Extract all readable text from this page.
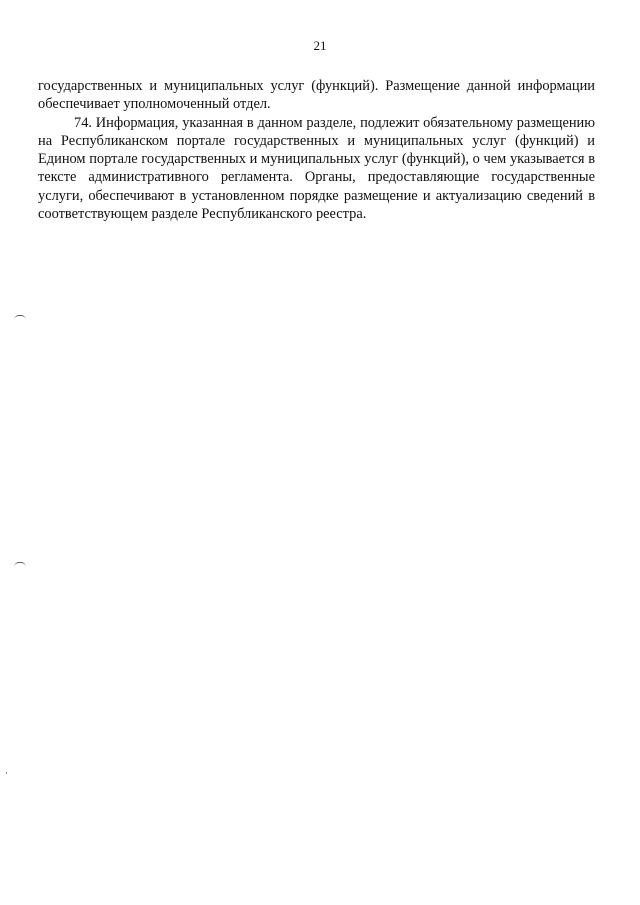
21

государственных и муниципальных услуг (функций). Размещение данной информации обеспечивает уполномоченный отдел.

74. Информация, указанная в данном разделе, подлежит обязательному размещению на Республиканском портале государственных и муниципальных услуг (функций) и Едином портале государственных и муниципальных услуг (функций), о чем указывается в тексте административного регламента. Органы, предоставляющие государственные услуги, обеспечивают в установленном порядке размещение и актуализацию сведений в соответствующем разделе Республиканского реестра.
